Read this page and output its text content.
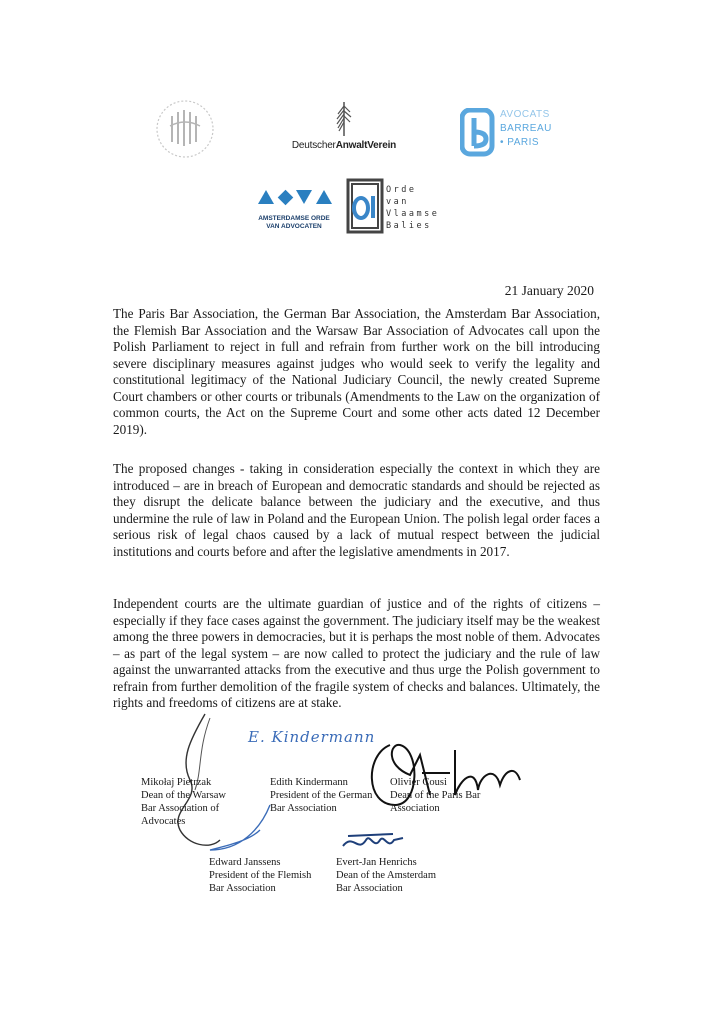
DeutscherAnwaltVerein
AVOCATS
BARREAU
• PARIS
AMSTERDAMSE ORDE
VAN ADVOCATEN
Orde
van
Vlaamse
Balies
21 January 2020
The Paris Bar Association, the German Bar Association, the Amsterdam Bar Association, the Flemish Bar Association and the Warsaw Bar Association of Advocates call upon the Polish Parliament to reject in full and refrain from further work on the bill introducing severe disciplinary measures against judges who would seek to verify the legality and constitutional legitimacy of the National Judiciary Council, the newly created Supreme Court chambers or other courts or tribunals (Amendments to the Law on the organization of common courts, the Act on the Supreme Court and some other acts dated 12 December 2019).
The proposed changes - taking in consideration especially the context in which they are introduced – are in breach of European and democratic standards and should be rejected as they disrupt the delicate balance between the judiciary and the executive, and thus undermine the rule of law in Poland and the European Union. The polish legal order faces a serious risk of legal chaos caused by a lack of mutual respect between the judicial institutions and courts before and after the legislative amendments in 2017.
Independent courts are the ultimate guardian of justice and of the rights of citizens – especially if they face cases against the government. The judiciary itself may be the weakest among the three powers in democracies, but it is perhaps the most noble of them. Advocates – as part of the legal system – are now called to protect the judiciary and the rule of law against the unwarranted attacks from the executive and thus urge the Polish government to refrain from further demolition of the fragile system of checks and balances. Ultimately, the rights and freedoms of citizens are at stake.
E. Kindermann
Mikołaj Pietrzak
Dean of the Warsaw
Bar Association of
Advocates
Edith Kindermann
President of the German
Bar Association
Olivier Cousi
Dean of the Paris Bar
Association
Edward Janssens
President of the Flemish
Bar Association
Evert-Jan Henrichs
Dean of the Amsterdam
Bar Association
